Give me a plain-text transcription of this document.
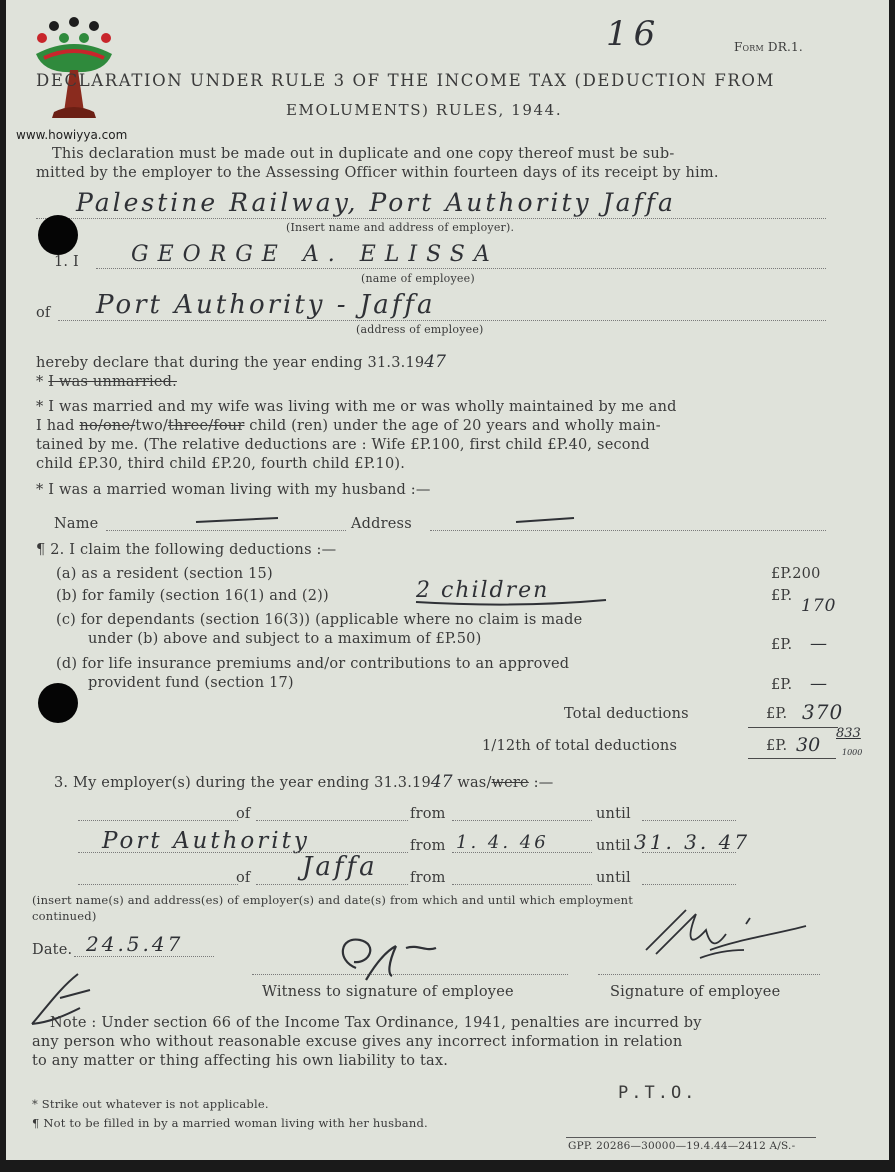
www.howiyya.com
16	Form DR.1.
DECLARATION UNDER RULE 3 OF THE INCOME TAX (DEDUCTION FROM
EMOLUMENTS) RULES, 1944.
This declaration must be made out in duplicate and one copy thereof must be sub-
mitted by the employer to the Assessing Officer within fourteen days of its receipt by him.
Palestine Railway, Port Authority Jaffa
(Insert name and address of employer).
1. I GEORGE A. ELISSA
(name of employee)
of Port Authority - Jaffa
(address of employee)
hereby declare that during the year ending 31.3.1947
* I was unmarried.
* I was married and my wife was living with me or was wholly maintained by me and
I had no/one/two/three/four child (ren) under the age of 20 years and wholly main-
tained by me. (The relative deductions are : Wife £P.100, first child £P.40, second
child £P.30, third child £P.20, fourth child £P.10).
* I was a married woman living with my husband :—
Name	Address
¶ 2. I claim the following deductions :—
(a) as a resident (section 15)	£P.200
(b) for family (section 16(1) and (2))	2 children	£P. 170
(c) for dependants (section 16(3)) (applicable where no claim is made
under (b) above and subject to a maximum of £P.50)	£P. —
(d) for life insurance premiums and/or contributions to an approved
provident fund (section 17)	£P. —
Total deductions	£P. 370
1/12th of total deductions	£P. 30
833
1000
3. My employer(s) during the year ending 31.3.1947 was/were :—
of	from	until
Port Authority	from 1. 4. 46	until 31. 3. 47
of Jaffa from	until
(insert name(s) and address(es) of employer(s) and date(s) from which and until which employment
continued)
Date. 24.5.47
Witness to signature of employee	Signature of employee
Note : Under section 66 of the Income Tax Ordinance, 1941, penalties are incurred by
any person who without reasonable excuse gives any incorrect information in relation
to any matter or thing affecting his own liability to tax.
P.T.O.
* Strike out whatever is not applicable.
¶ Not to be filled in by a married woman living with her husband.
GPP. 20286—30000—19.4.44—2412 A/S.-
